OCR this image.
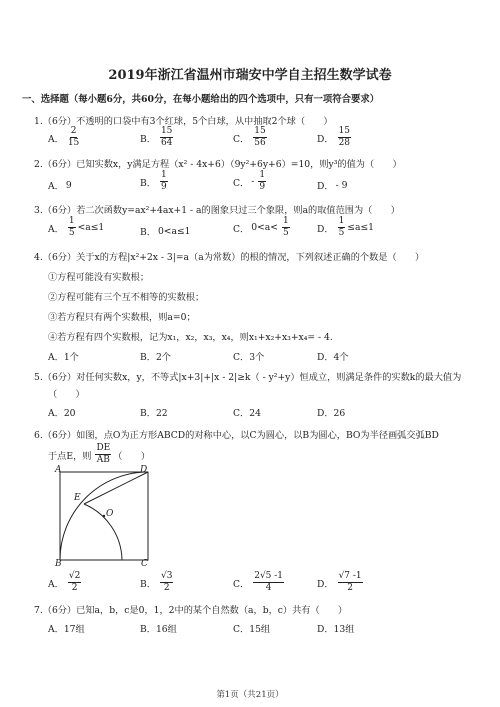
2019年浙江省温州市瑞安中学自主招生数学试卷
一、选择题（每小题6分，共60分，在每小题给出的四个选项中，只有一项符合要求）
1.（6分）不透明的口袋中有3个红球，5个白球，从中抽取2个球（　　）
A． $\frac{2}{15}$	B． $\frac{15}{64}$	C． $\frac{15}{56}$	D． $\frac{15}{28}$
2.（6分）已知实数x，y满足方程（x² - 4x+6）（9y²+6y+6）=10，则y³的值为（　　）
A． 9	B． $\frac{1}{9}$	C． - $\frac{1}{9}$	D． - 9
3.（6分）若二次函数y=ax²+4ax+1 - a的图象只过三个象限，则a的取值范围为（　　）
A． $\frac{1}{5} <a\le 1$	B． 0<a≤1	C． $0<a< \frac{1}{5}$	D． $\frac{1}{5} \le a\le 1$
4.（6分）关于x的方程|x²+2x - 3|=a（a为常数）的根的情况，下列叙述正确的个数是（　　）
①方程可能没有实数根；
②方程可能有三个互不相等的实数根；
③若方程只有两个实数根，则a=0；
④若方程有四个实数根，记为x₁，x₂，x₃，x₄，则x₁+x₂+x₃+x₄= - 4.
A．1个	B．2个	C．3个	D．4个
5.（6分）对任何实数x，y，不等式|x+3|+|x - 2|≥k（ - y²+y）恒成立，则满足条件的实数k的最大值为
（　　）
A．20	B．22	C．24	D．26
6.（6分）如图，点O为正方形ABCD的对称中心，以C为圆心，以B为圆心，BO为半径画弧交弧BD
于点E，则 $\frac{DE}{AB}$ （　　）
A	D
E
O
B	C
A． $\frac{√2}{2}$	B． $\frac{√3}{2}$	C． $\frac{2√5 -1}{4}$	D． $\frac{√7 -1}{2}$
7.（6分）已知a，b，c是0，1，2中的某个自然数（a，b，c）共有（　　）
A．17组	B．16组	C．15组	D．13组
第1页（共21页）
